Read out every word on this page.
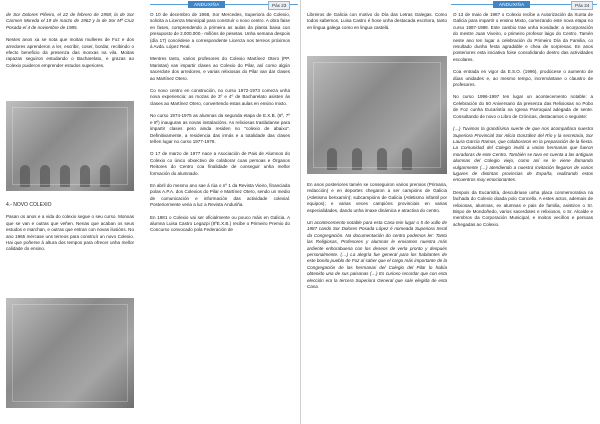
ANDUXIÑA	Páx 23

de Sor Dolores Piñeiro, el 22 de febrero de 1958; la de Sor Carmen Moreda el 19 de marzo de 1962 y la de Sor Mª Cruz Posada el 4 de noviembre de 1985.

Nestes anos xa se nota que moitas mulleres de Foz e dos arredores aprenderon a ler, escribir, coser, bordar, recibindo o efecto beneficio da presenza das monxas na vila. Moitas rapazas seguiron estudando o Bacharelato, e grazas ao Colexio puideron emprender estudos superiores.

4.- NOVO COLEXIO

Pasan os anos e a vida do colexio segue o seu curso. Monxas que se van e outras que veñen. Nenas que acaban os seus estudos e marchan, e outras que entran con novas ilusións. No ano 1965 mércase uns terreos para construír un novo Colexio. Hai que poñerse á altura dos tempos para ofrecer unha mellor calidade do ensino.

O 10 de decembro de 1968, Sor Mercedes, Superiora do Colexio, solicita a Licenza Municipal para construír o novo centro. A obra faise en fases, comprendendo a primeira as aulas da planta baixa cun presuposto de 2.000.000.- millóns de pesetas. Unha semana despois (día 17) concédese a correspondente Licenza nos terreos próximos á Avda. López Real.

Mentres tanto, varios profesores do Colexio Martínez Otero (PP. Maristas) van impartir clases ao Colexio do Pilar, así como algún sacerdote dos arredores, e varias relixiosas do Pilar van dar clases ao Martínez Otero.

Co novo centro en construción, no curso 1972-1973 comeza unha nova experiencia: as mozas de 3º e 4º de Bacharelato asisten ás clases ao Martínez Otero, convertendo estas aulas en ensino mixto.

No curso 1974-1975 as alumnas da segunda etapa de E.X.B. (6º, 7º e 8º) inauguran as novas instalacións. As relixiosas trasládanse para impartir clases pero ainda residen no "colexio de abaixo". Definitivamente, a residencia das irmás e a totalidade das clases teñen lugar no curso 1977-1978.

O 17 de marzo de 1977 nace a Asociación de Pais de Alumnos do Colexio co único obxectivo de colaborar coas persoas e Órganos Reitores do Centro coa finalidade de conseguir unha mellor formación do alumnado.

En abril do mesmo ano sae á rúa o nº 1 da Revista Vieiro, financiada polas A.P.A. dos Colexios do Pilar e Martínez Otero, sendo un medio de comunicación e información das actividade colexial. Posteriormente veria a luz a Revista Anduriña.

En 1981 o Colexio vai ser oficialmente ou pouco máis en Galicia. A alumna Luisa Castro Legazpi (8ºE.X.B.) recibe o Primeiro Premio do Concurso convocado pola Federación de

ANDUXIÑA	Páx 24

Libreiros de Galicia con motivo do Día das Letras Galegas. Como todos sabemos, Luisa Castro é hoxe unha destacada escritora, tanto en lingua galega como en lingua castelá.

En anos posteriores tamén se conseguiron varios premios (Primaria, redacción) e en deportes chegaron a ser campións de Galicia (Atletismo benxamín); subcampións de Galicia (Atletismo infantil por equipos); e varias veces campións provinciais en varias especialidades, dando unha imaxe dinámica e atractiva do centro.

Un acontecemento notable para esta Casa tein lugar o 5 de xullo de 1987 cando Sor Dolores Posada López é nomeada Superiora Xeral da Congregación. Na documentación do centro podemos ler: Tanto las Religiosas, Profesores y alumnas le enviamos nuestra más ardiente enhorabuena con los deseos de verla pronto y después personalmente. (…) La alegría fue general para los habitantes de este bonito pueblo de Foz al saber que el cargo más importante de la Congregación de las hermanas del Colegio del Pilar lo había obtenido una de sus paisanas (…) Es curioso recordar que con esta elección era la tercera Superiora General que sale elegida de esta Casa.

O 13 de maio de 1987 o Colexio recibe a Autorización da Xunta de Galicia para impartir o ensino Mixto, comezando este nova etapa no curso 1987-1988. Este cambio trae unha novidade: a incorporación do mestre Juan Viveiro, o primeiro profesor laigo do Centro. Tamén neste ano ten lugar a celebración do Primeiro Día da Familia, co resultado dunha festa agradable e chea de sorpresas. En anos posteriores esta iniciativa foise consolidando dentro das actividades escolares.

Coa entrada en vigor da E.S.O. (1996), prodúcese o aumento de dúas unidades e, ao mesmo tempo, incremántase o claustro de profesores.

No curso 1996-1997 ten lugar un acontecemento notable: a Celebración do 50 Aniversario da presenza das Relixiosas no Pobo de Foz cunha Eucaristía na Igrexa Parroquial adegada de sente. Consultando de novo o Libro de Crónicas, destacamos o seguinte:

(…) Tuvimos la grandísima suerte de que nos acompañara nuestra Superiora Provincial Sor Alicia González del Río y la secretaria, Sor Laura García Ramos, que colaboraron en la preparación de la fiesta. La Comunidad del Colegio invitó a varias hermanas que fueron moradoras de este Centro. También se tuvo en cuenta a las antiguas alumnas del Colegio viejo, como así se le viene llamando vulgarmente (…) atendiendo a nuestra invitación llegaron de varios lugares de distintas provincias de España, realizando estos encuentros muy emocionantes.

Despois da Eucaristía, descubriuse unha placa conmemorativa na fachada do Colexio doada polo Concello. A estes actos, ademais de relixiosas, alumnas, ex alumnas e pais de familia, asistiron o Sr. Bispo de Mondoñedo, varios sacerdotes e relixiosos, o Sr. Alcalde e membros da Corporación Municipal, e moitos veciños e persoas achegadas ao Colexio.
